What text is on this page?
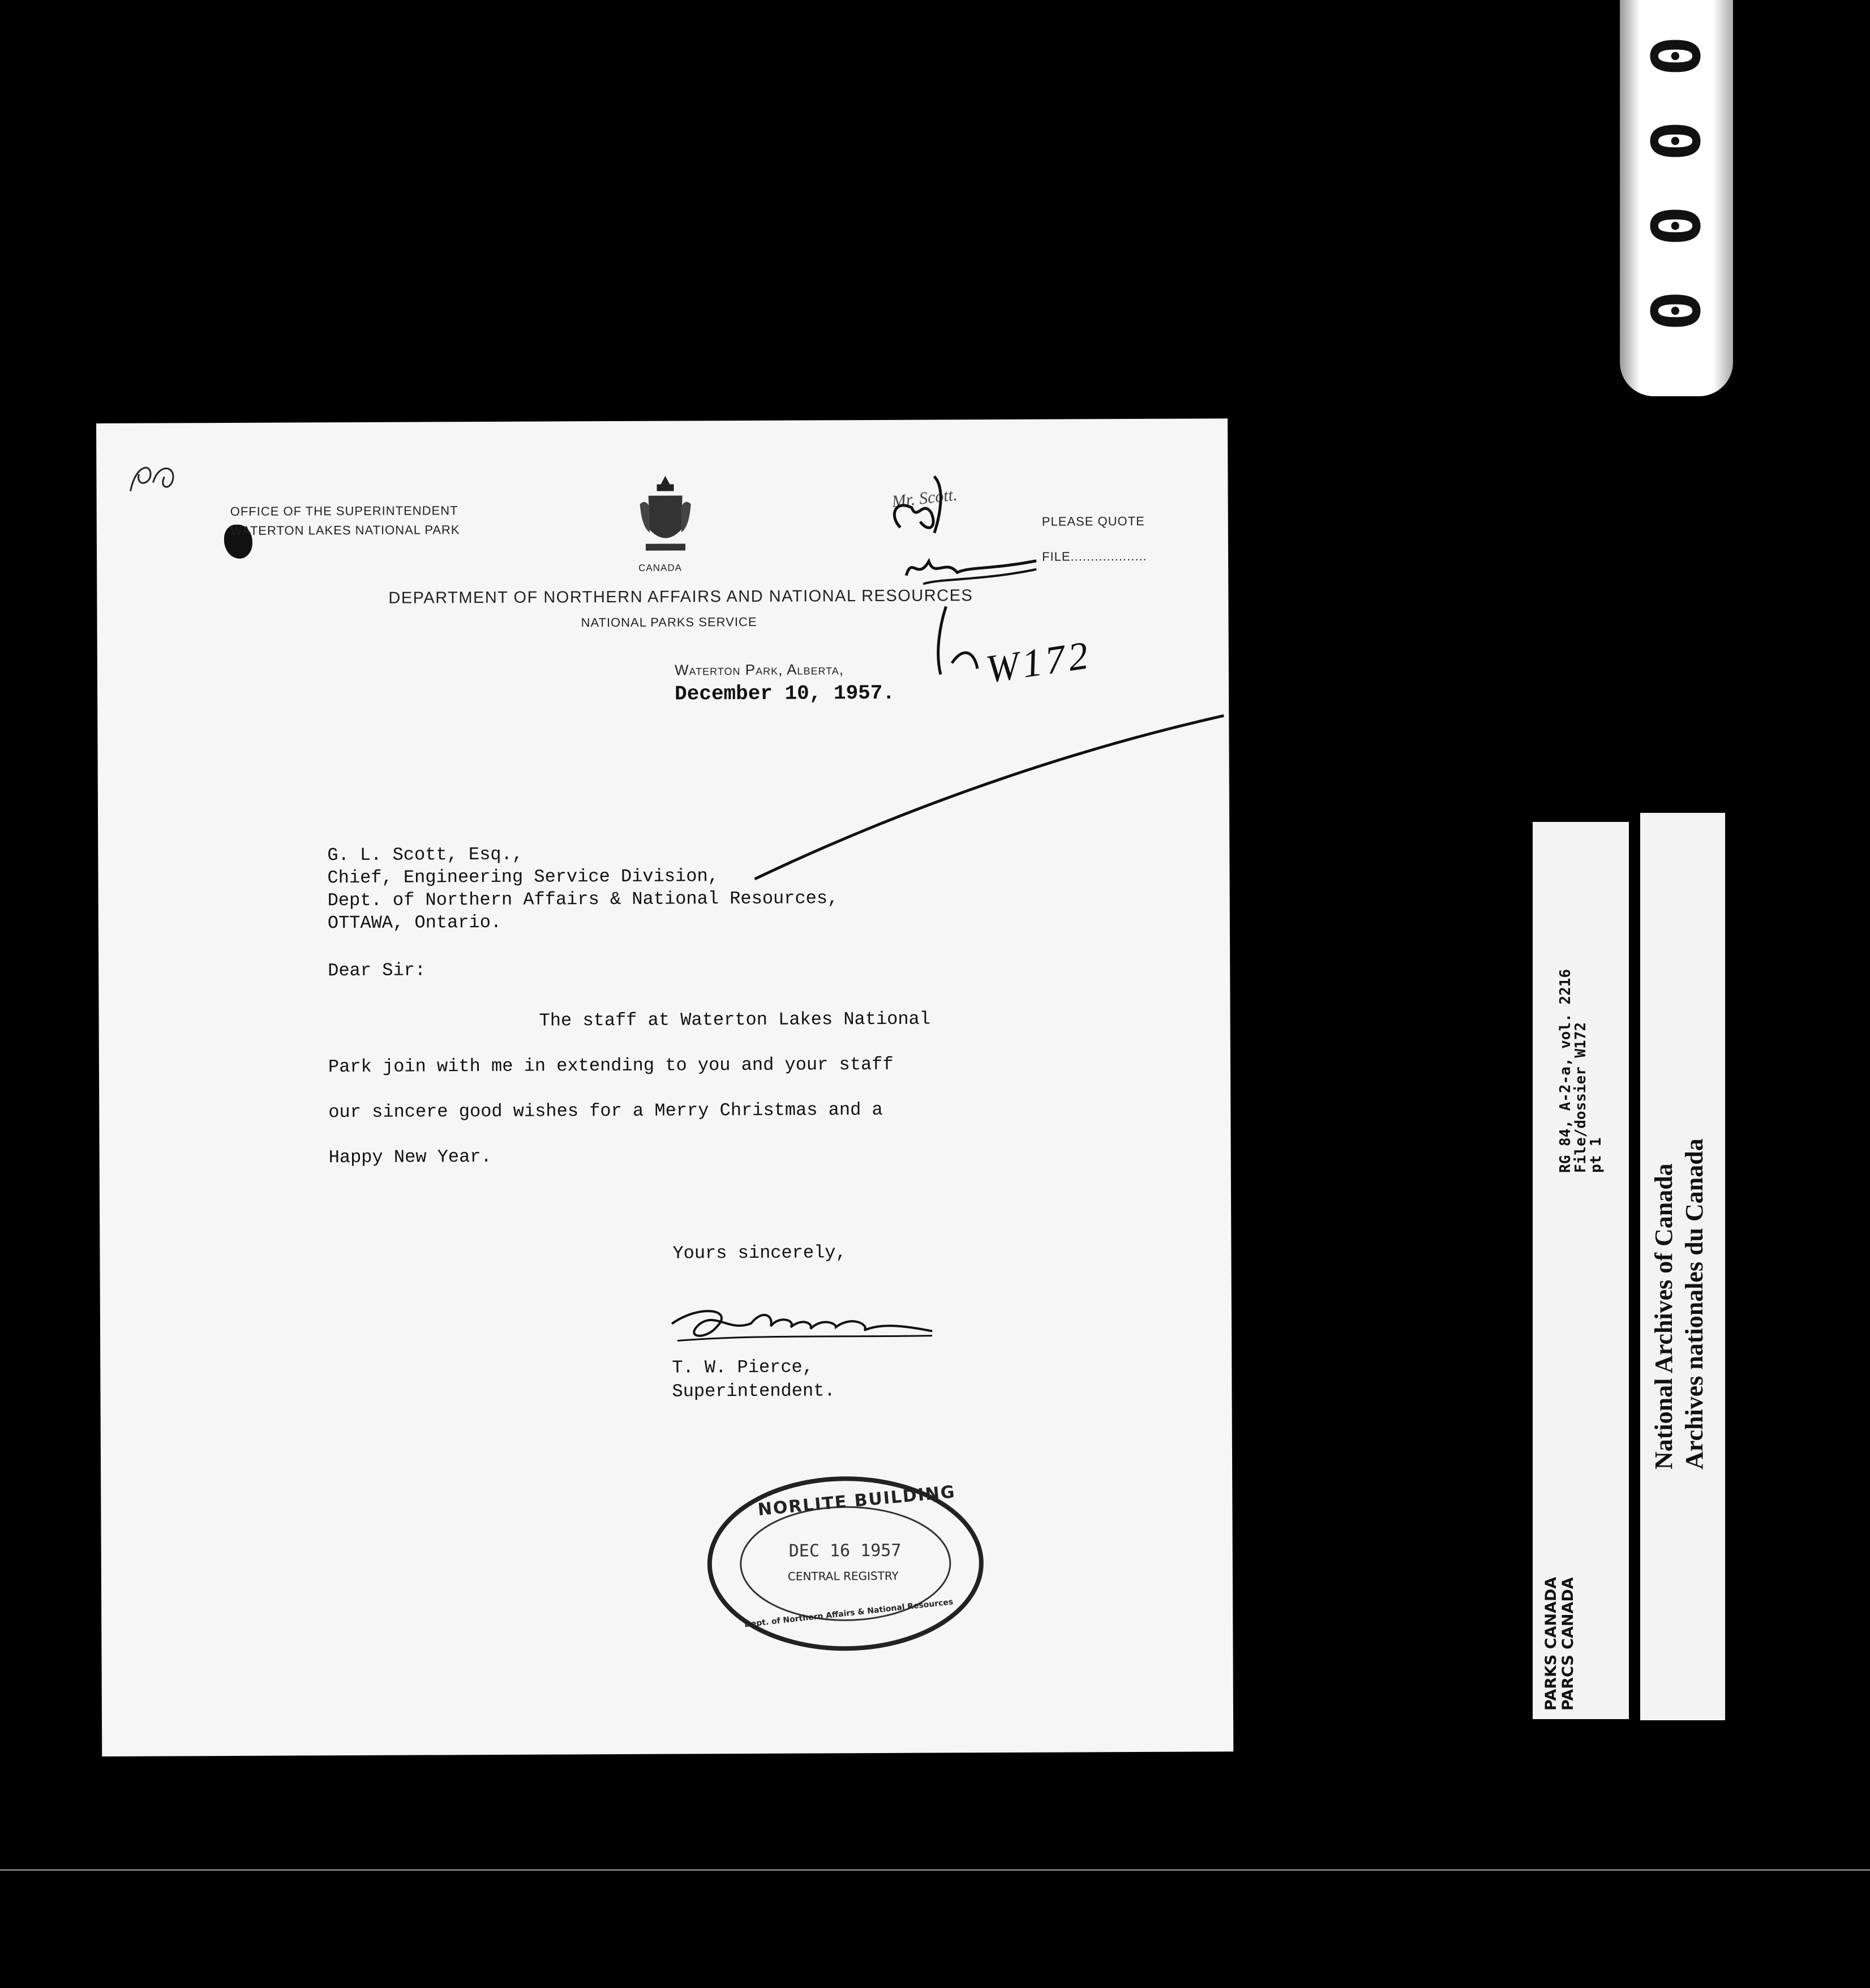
0
0
0
0
OFFICE OF THE SUPERINTENDENT
WATERTON LAKES NATIONAL PARK
CANADA
PLEASE QUOTE
FILE...................
Mr. Scott.
W172
DEPARTMENT OF NORTHERN AFFAIRS AND NATIONAL RESOURCES
NATIONAL PARKS SERVICE
Waterton Park, Alberta,
December 10, 1957.
G. L. Scott, Esq.,
Chief, Engineering Service Division,
Dept. of Northern Affairs & National Resources,
OTTAWA, Ontario.
Dear Sir:
The staff at Waterton Lakes National
Park join with me in extending to you and your staff
our sincere good wishes for a Merry Christmas and a
Happy New Year.
Yours sincerely,
T. W. Pierce,
Superintendent.
NORLITE BUILDING
DEC 16 1957
CENTRAL REGISTRY
Dept. of Northern Affairs & National Resources	PARKS CANADA PARCS CANADA
RG 84, A-2-a, vol. 2216
File/dossier W172
pt 1
National Archives of Canada Archives nationales du Canada
